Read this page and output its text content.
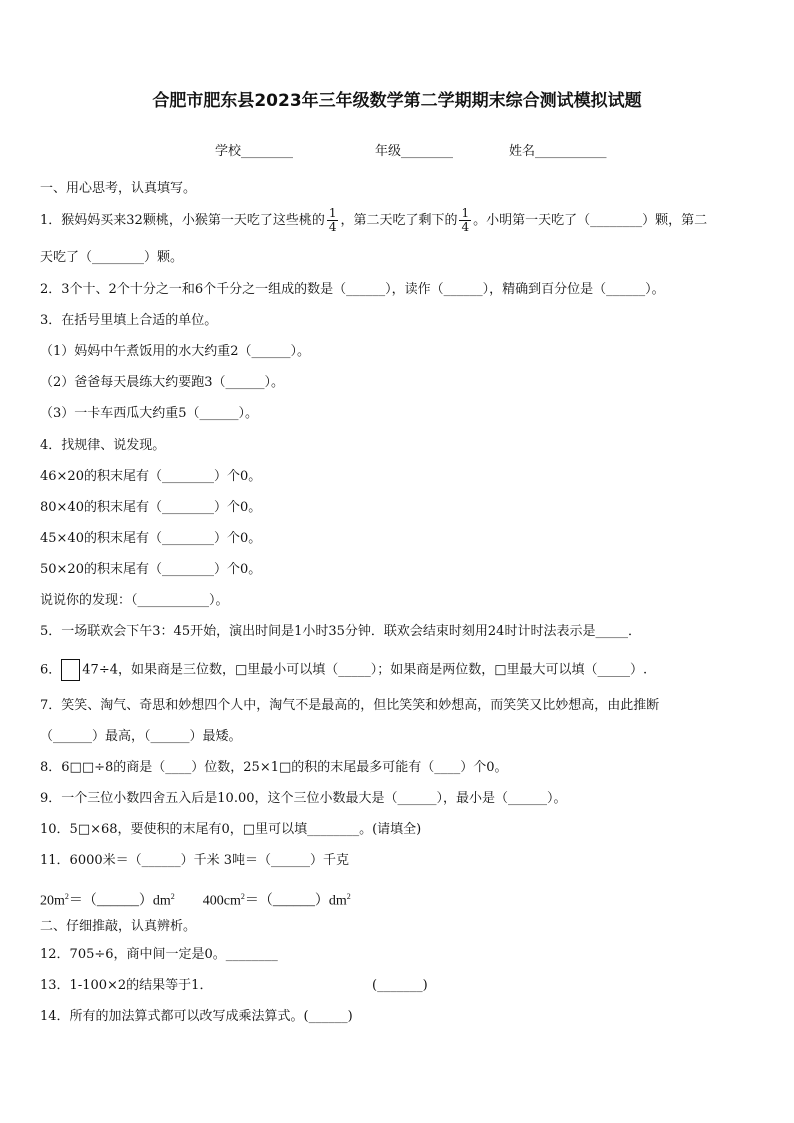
合肥市肥东县2023年三年级数学第二学期期末综合测试模拟试题
学校________	年级________	姓名___________
一、用心思考，认真填写。
1．猴妈妈买来32颗桃，小猴第一天吃了这些桃的 $\frac{1}{4}$ ，第二天吃了剩下的 $\frac{1}{4}$ 。小明第一天吃了（________）颗，第二
天吃了（________）颗。
2．3个十、2个十分之一和6个千分之一组成的数是（______），读作（______），精确到百分位是（______）。
3．在括号里填上合适的单位。
（1）妈妈中午煮饭用的水大约重2（______）。
（2）爸爸每天晨练大约要跑3（______）。
（3）一卡车西瓜大约重5（______）。
4．找规律、说发现。
46×20的积末尾有（________）个0。
80×40的积末尾有（________）个0。
45×40的积末尾有（________）个0。
50×20的积末尾有（________）个0。
说说你的发现：（___________）。
5．一场联欢会下午3：45开始，演出时间是1小时35分钟．联欢会结束时刻用24时计时法表示是_____．
6． 47÷4，如果商是三位数，□里最小可以填（_____）；如果商是两位数，□里最大可以填（_____）.
7．笑笑、淘气、奇思和妙想四个人中，淘气不是最高的，但比笑笑和妙想高，而笑笑又比妙想高，由此推断
（______）最高，（______）最矮。
8．6□□÷8的商是（____）位数，25×1□的积的末尾最多可能有（____）个0。
9．一个三位小数四舍五入后是10.00，这个三位小数最大是（______），最小是（______）。
10．5□×68，要使积的末尾有0，□里可以填________。(请填全)
11．6000米＝（______）千米 3吨＝（______）千克
$20m^2=(\_\_\_\_\_\_)dm^2$ $400cm^2=(\_\_\_\_\_\_)dm^2$
二、仔细推敲，认真辨析。
12．705÷6，商中间一定是0。________
13．1-100×2的结果等于1．	(_______)
14．所有的加法算式都可以改写成乘法算式。(______)
